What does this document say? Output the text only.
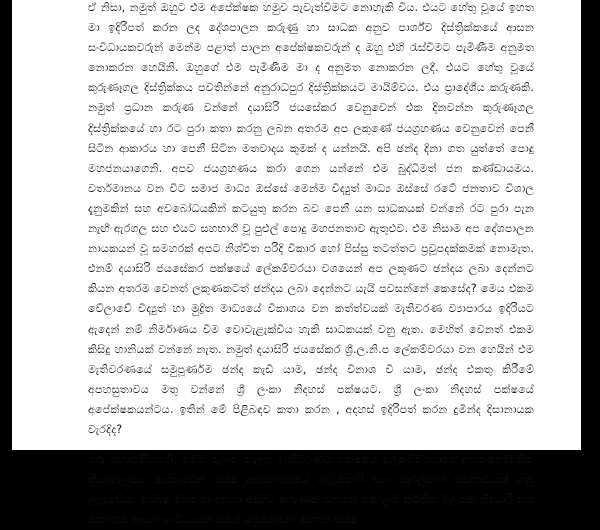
ඒ නිසා, නමුත් ඔහුට එම අපේක්ෂක හමුව පැවැත්වීමට නොහැකි විය. එයට හේතු වූයේ ඉහත මා ඉදිරිපත් කරන ලද දේශපාලන කරුණු හා සාධක අනුව පාර්ශ්ව දිස්ත්‍රික්කයේ ආසන සංවිධායකවරුන් මෙන්ම පළාත් පාලන අපේක්ෂකවරුන් ද ඔහු එහි රැස්වීමට පැමිණීම අනුමත නොකරන හෙයිනි. ඔහුගේ එම පැමිණීම මා ද අනුමත නොකරන ලදී. එයට හේතු වූයේ කුරුණෑගල දිස්ත්‍රික්කය පවතින්නේ අනුරාධපුර දිස්ත්‍රික්කයට මායිම්වය. එය ප්‍රාදේශීය කරුණකි. නමුත් ප්‍රධාන කරුණ වන්නේ දයාසිරි ජයසේකර වෙනුවෙන් එක දිනවන්න කුරුණෑගල දිස්ත්‍රික්කයේ හා රට පුරා කතා කරනු ලබන අතරම අප ලකුණේ ජයග්‍රහණය වෙනුවෙන් පෙනී සිටින ආකාරය හා පෙනී සිටින මතවාදය කුමක් ද යන්නයි. අපි ඡන්ද දිනා ගත යුත්තේ පොදු මහජනයාගෙනි. අපව ජයග්‍රහණය කරා ගෙන යන්නේ එම බුද්ධිමත් ජන කණ්ඩායමය. වර්තමානය වන විට සමාජ මාධ්‍ය ඔස්සේ මෙන්ම විද්‍යුත් මාධ්‍ය ඔස්සේ රටේ ජනතාව විශාල දැනුමකින් සහ අවබෝධයකින් කටයුතු කරන බව පෙනී යන සාධකයක් වන්නේ රට පුරා පැන නැඟී ඇරගල සහ එයට සහභාගී වූ පුළුල් පොදු මහජනතාව ඇතුළුව. එම නිසාම අප දේශපාලන නායකයන් වූ සමහරක් අපට නිශ්චිත පරිදි විකාර හෝ පිස්සු තටත්තට ප්‍රවූපදක්කමක් නොමැත. එනම් දයාසිරි ජයසේකර පක්ෂයේ ලේකම්වරයා වශයෙන් අප ලකුණට ඡන්දය ලබා දෙන්නට කියන අතරම වෙනත් ලකුණකටත් ඡන්දය ලබා දෙන්නට යැයි පවසන්නේ කෙසේද? මෙය එකම වේලාවේ විද්‍යුත් හා මුද්‍රිත මාධ්‍යයේ විකාශය වන කත්ත්වයක් මැතිවරණ ව්‍යාපාරය ඉදිරියට ඇදෙන් නම් නිර්මාණය වීම වොවැළැක්විය හැකි සාධකයක් වනු ඇත. මෙහිත් වෙනත් එකම කිසිදු හානියක් වන්නේ නැත. නමුත් දයාසිරි ජයසේකර ශ්‍රී.ල.නි.ප ලේකම්වරයා වන හෙයින් එම මැතිවරණයේ සමුපූර්ණම ඡන්ද කැඩී යාම, ඡන්ද විනාශ වී යාම, ඡන්ද එකතු කිරීමේ අපහසුතාවය මතු වන්නේ ශ්‍රී ලංකා නිදහස් පක්ෂයට. ශ්‍රී ලංකා නිදහස් පක්ෂයේ අපේක්ෂකයන්ටය. ඉතින් මේ පිළිබඳව කතා කරන , අදහස් ඉදිරිපත් කරන දුමින්ද දිසානායක වැරදිද?

ගරු සභාපතිතුමනි, මෙම පළාත් පාලන මැතිවරණය පක්ෂයේ ලේකම්වරයාගේ අත්තනෝමතික ක්‍රියාකලාපය හේතුවෙන් පක්ෂ අභ්‍යන්තරයේ ගැටුම්කාරී සහ කැරලිකාර ස්වභාවයක් ගනු ලැබුවේය. මෙබඳු ඔබතුමා දන්නා පසිද්ධ කරුණක් වන්නේ කොළඹ ස්ථිතික බලයක් නිදධාරී සහ මහරගම ආසන සංවිධායක සමන් ප්‍රේමකුමාර මහතා පක්ෂ
